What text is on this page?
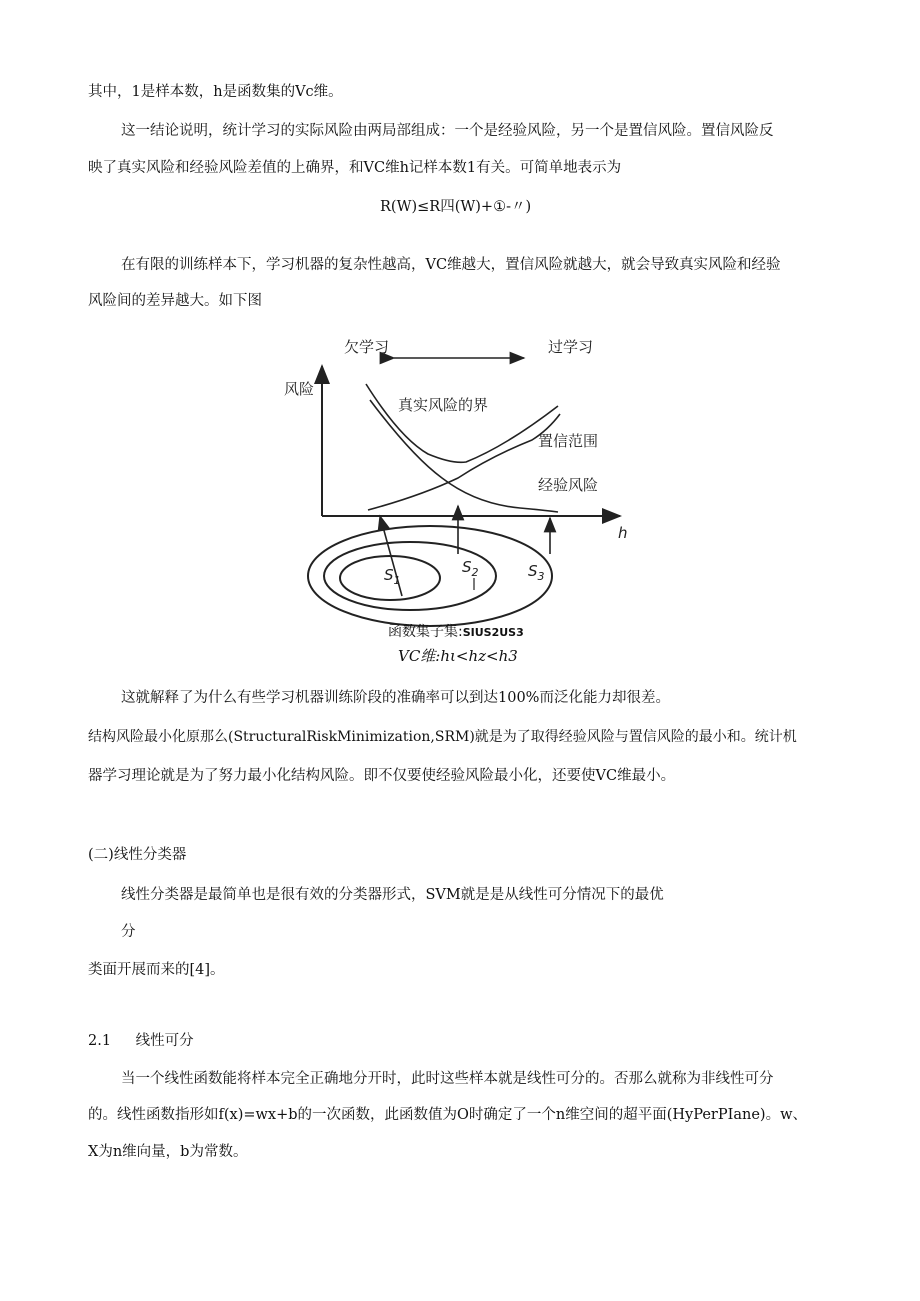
其中，1是样本数，h是函数集的Vc维。
这一结论说明，统计学习的实际风险由两局部组成：一个是经验风险，另一个是置信风险。置信风险反
映了真实风险和经验风险差值的上确界，和VC维h记样本数1有关。可简单地表示为
R(W)≤R四(W)+①-〃)
在有限的训练样本下，学习机器的复杂性越高，VC维越大，置信风险就越大，就会导致真实风险和经验
风险间的差异越大。如下图
欠学习	过学习
风险
h
真实风险的界
置信范围
经验风险
$S_1$
$S_2$	$S_3$
函数集子集:SIUS2US3
VC维:hι<hz<h3
这就解释了为什么有些学习机器训练阶段的准确率可以到达100%而泛化能力却很差。
结构风险最小化原那么(StructuralRiskMinimization,SRM)就是为了取得经验风险与置信风险的最小和。统计机
器学习理论就是为了努力最小化结构风险。即不仅要使经验风险最小化，还要使VC维最小。
(二)线性分类器
线性分类器是最简单也是很有效的分类器形式，SVM就是是从线性可分情况下的最优
分
类面开展而来的[4]。
2.1 线性可分
当一个线性函数能将样本完全正确地分开时，此时这些样本就是线性可分的。否那么就称为非线性可分
的。线性函数指形如f(x)=wx+b的一次函数，此函数值为O时确定了一个n维空间的超平面(HyPerPIane)。w、
X为n维向量，b为常数。
